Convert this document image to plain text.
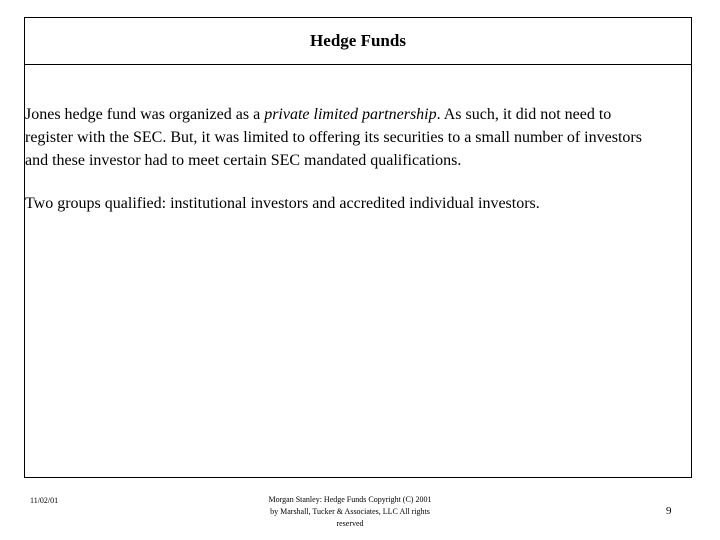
Hedge Funds

Jones hedge fund was organized as a private limited partnership. As such, it did not need to register with the SEC. But, it was limited to offering its securities to a small number of investors and these investor had to meet certain SEC mandated qualifications.

Two groups qualified: institutional investors and accredited individual investors.

11/02/01	Morgan Stanley: Hedge Funds Copyright (C) 2001
by Marshall, Tucker & Associates, LLC All rights
reserved
9
